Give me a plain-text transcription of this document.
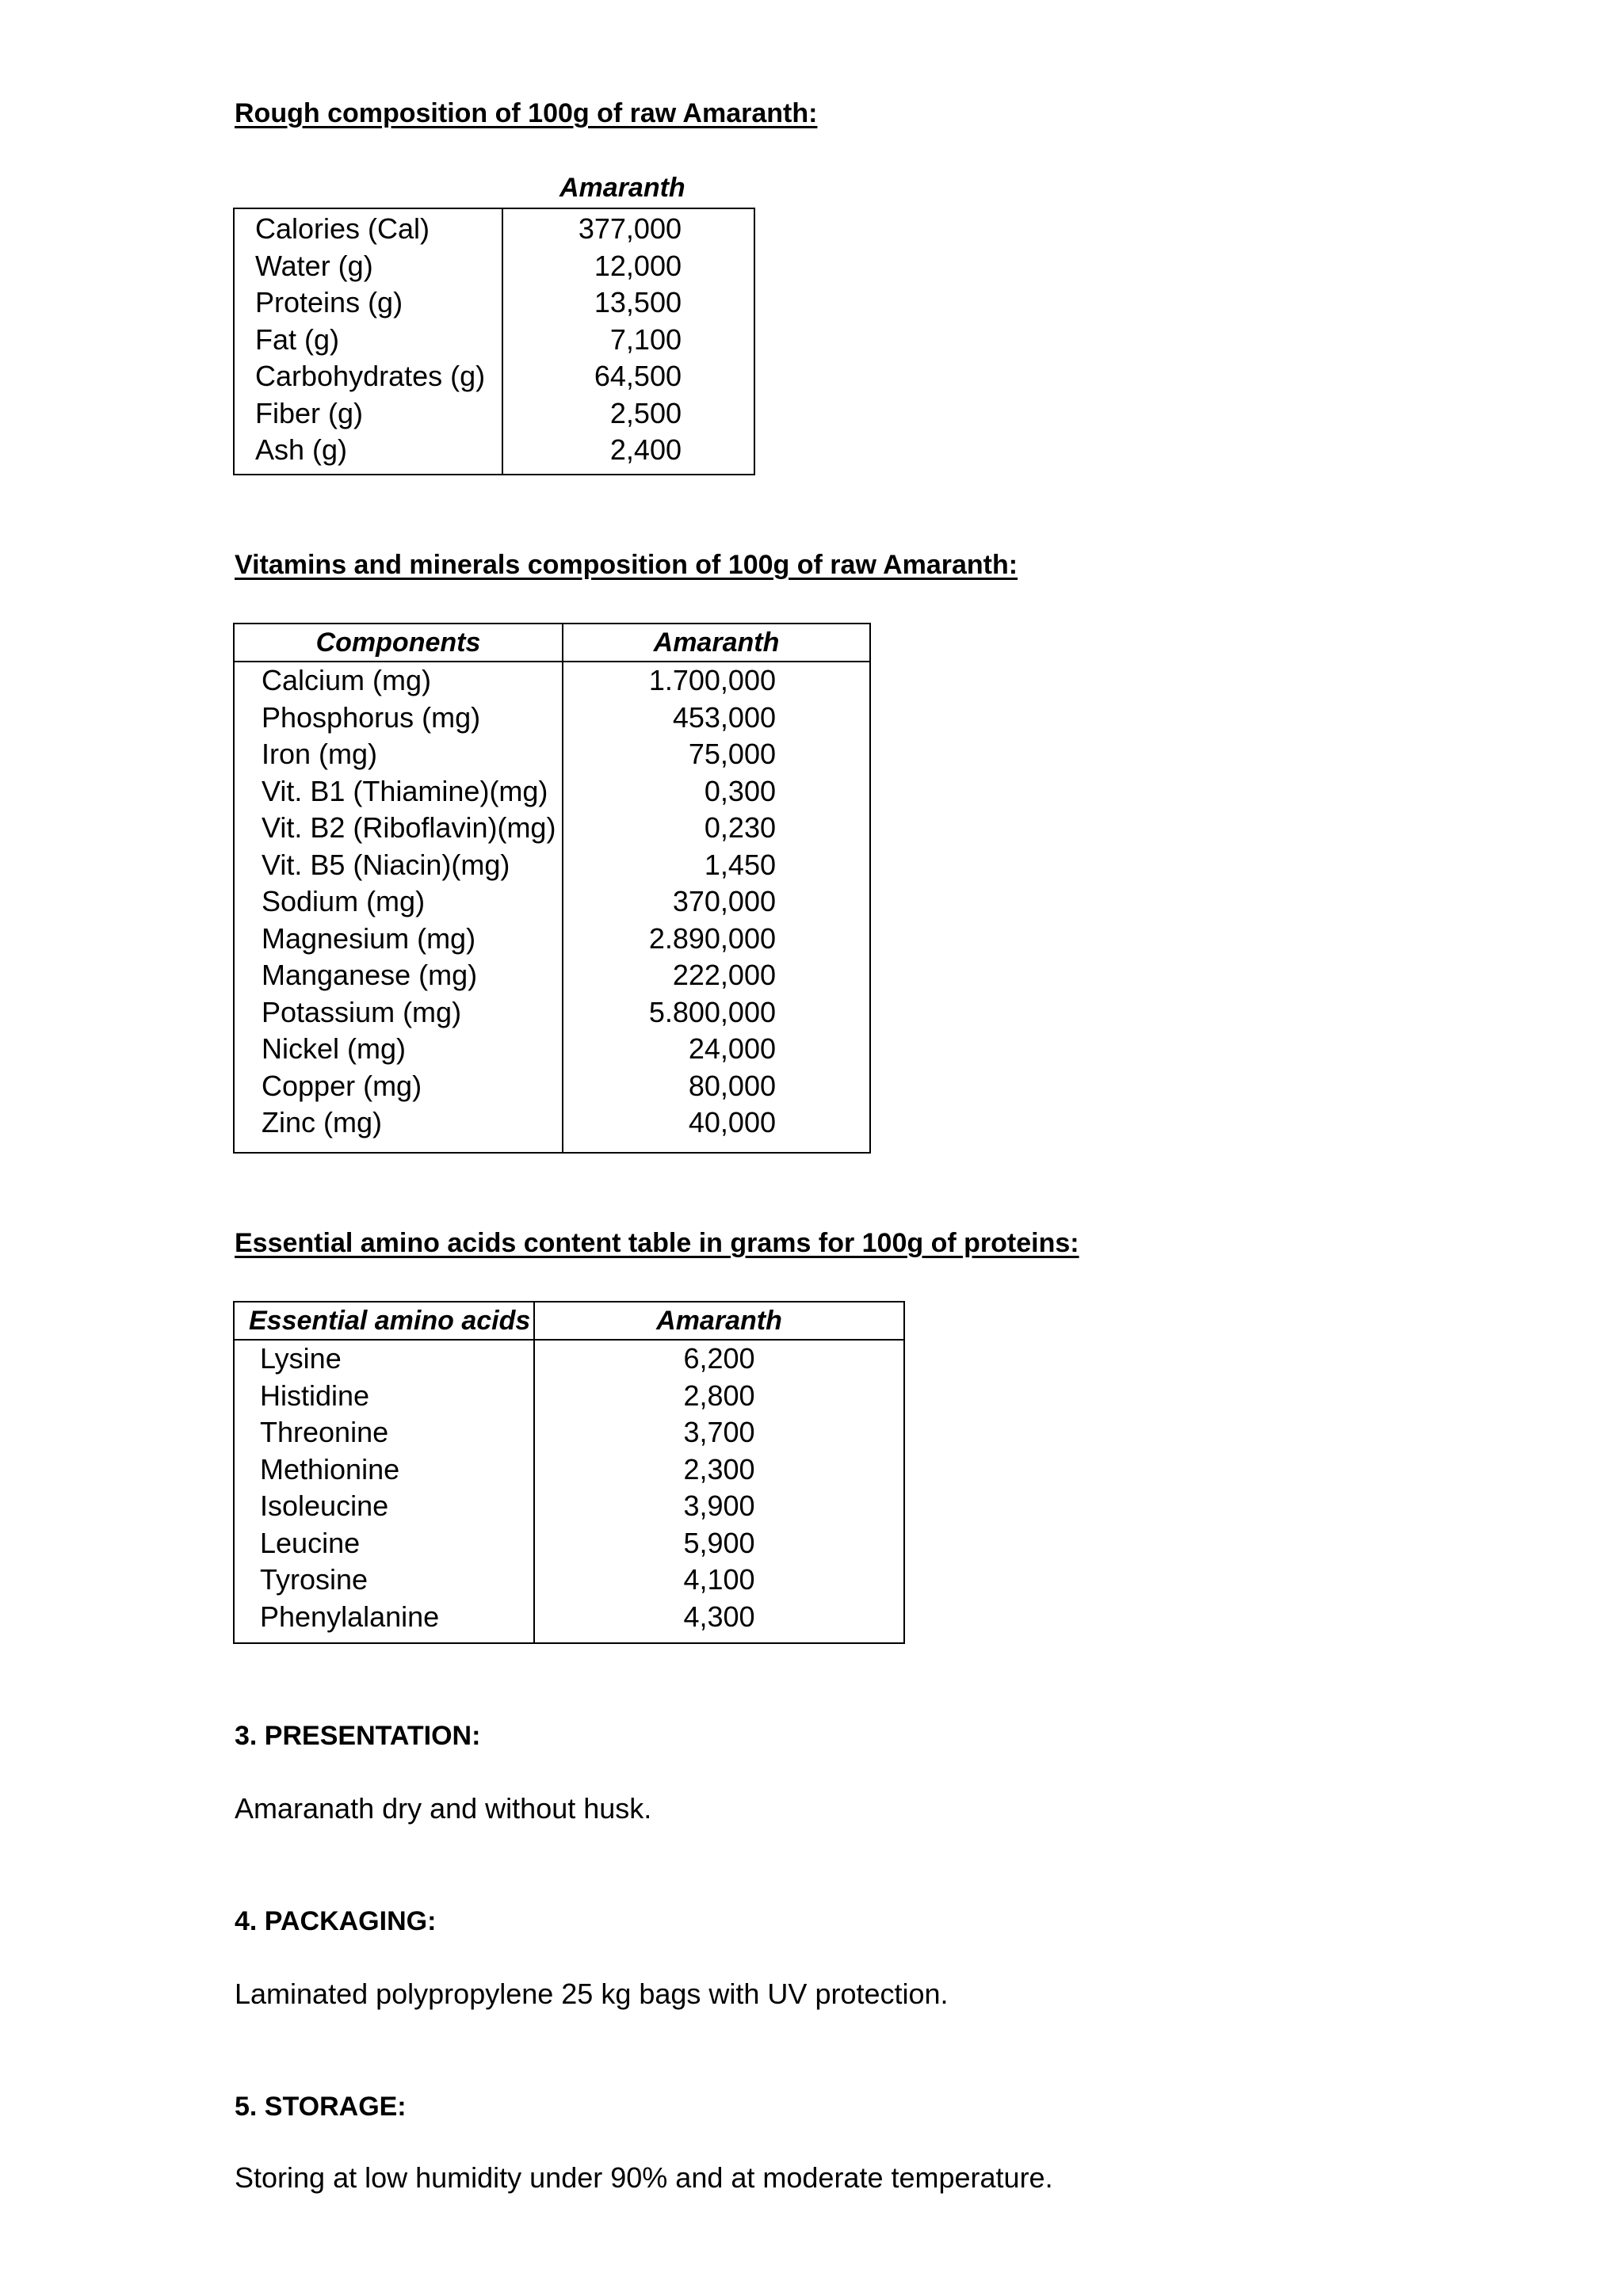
Rough composition of 100g of raw Amaranth:
Amaranth
Calories (Cal)	377,000
Water (g)	12,000
Proteins (g)	13,500
Fat (g)	7,100
Carbohydrates (g)	64,500
Fiber (g)	2,500
Ash (g)	2,400
Vitamins and minerals composition of 100g of raw Amaranth:
Components	Amaranth
Calcium (mg)	1.700,000
Phosphorus (mg)	453,000
Iron (mg)	75,000
Vit. B1 (Thiamine)(mg)	0,300
Vit. B2 (Riboflavin)(mg)	0,230
Vit. B5 (Niacin)(mg)	1,450
Sodium (mg)	370,000
Magnesium (mg)	2.890,000
Manganese (mg)	222,000
Potassium (mg)	5.800,000
Nickel (mg)	24,000
Copper (mg)	80,000
Zinc (mg)	40,000
Essential amino acids content table in grams for 100g of proteins:
Essential amino acids	Amaranth
Lysine	6,200
Histidine	2,800
Threonine	3,700
Methionine	2,300
Isoleucine	3,900
Leucine	5,900
Tyrosine	4,100
Phenylalanine	4,300
3. PRESENTATION:
Amaranath dry and without husk.
4. PACKAGING:
Laminated polypropylene 25 kg bags with UV protection.
5. STORAGE:
Storing at low humidity under 90% and at moderate temperature.
